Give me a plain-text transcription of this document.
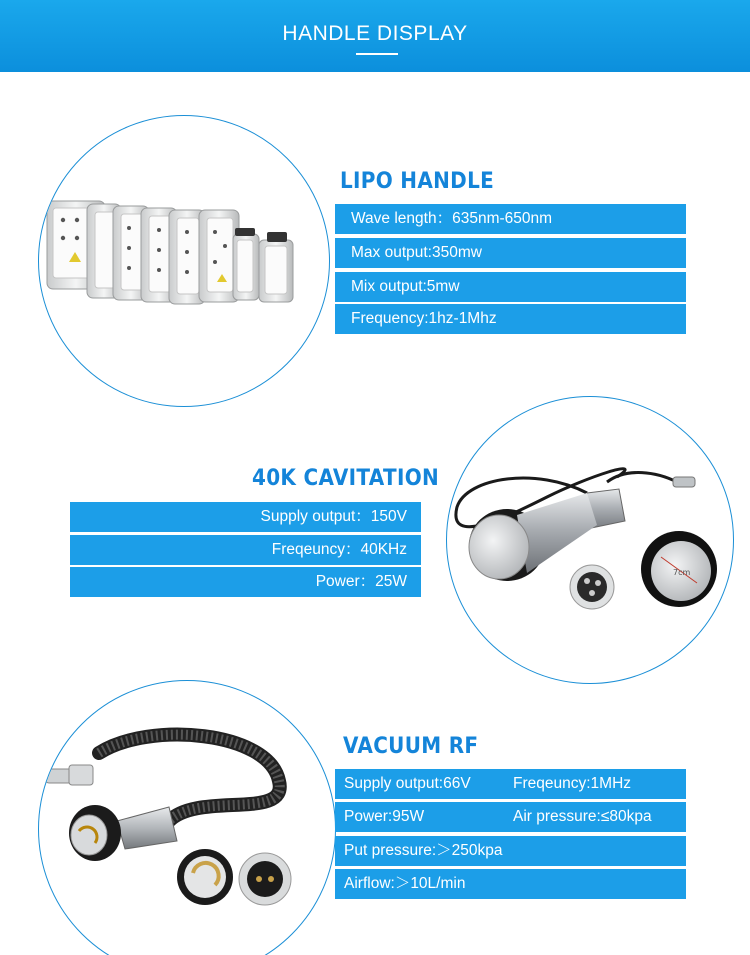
HANDLE DISPLAY
LIPO HANDLE
Wave length：635nm-650nm
Max output:350mw
Mix output:5mw
Frequency:1hz-1Mhz
40K CAVITATION
Supply output：150V
Freqeuncy：40KHz
Power：25W
7cm
VACUUM RF
Supply output:66V	Freqeuncy:1MHz
Power:95W	Air pressure:≤80kpa
Put pressure:＞250kpa
Airflow:＞10L/min
